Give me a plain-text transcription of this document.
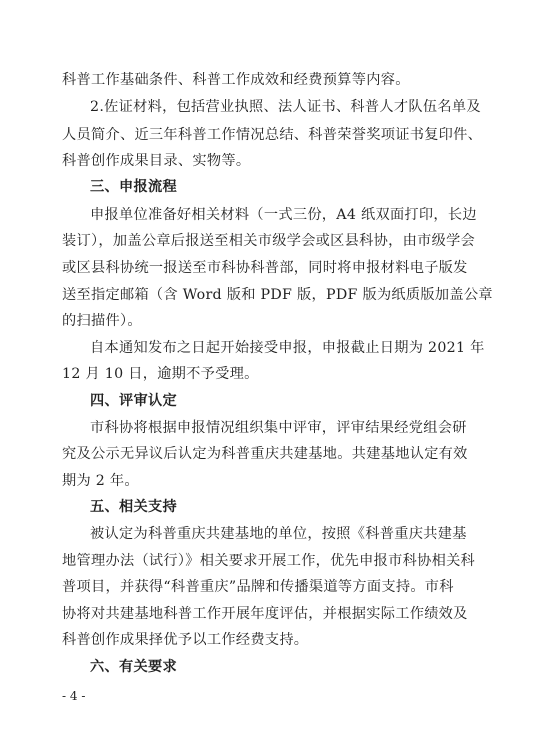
科普工作基础条件、科普工作成效和经费预算等内容。
2.佐证材料，包括营业执照、法人证书、科普人才队伍名单及
人员简介、近三年科普工作情况总结、科普荣誉奖项证书复印件、
科普创作成果目录、实物等。
三、申报流程
申报单位准备好相关材料（一式三份，A4 纸双面打印，长边
装订），加盖公章后报送至相关市级学会或区县科协，由市级学会
或区县科协统一报送至市科协科普部，同时将申报材料电子版发
送至指定邮箱（含 Word 版和 PDF 版，PDF 版为纸质版加盖公章
的扫描件）。
自本通知发布之日起开始接受申报，申报截止日期为 2021 年
12 月 10 日，逾期不予受理。
四、评审认定
市科协将根据申报情况组织集中评审，评审结果经党组会研
究及公示无异议后认定为科普重庆共建基地。共建基地认定有效
期为 2 年。
五、相关支持
被认定为科普重庆共建基地的单位，按照《科普重庆共建基
地管理办法（试行）》相关要求开展工作，优先申报市科协相关科
普项目，并获得“科普重庆”品牌和传播渠道等方面支持。市科
协将对共建基地科普工作开展年度评估，并根据实际工作绩效及
科普创作成果择优予以工作经费支持。
六、有关要求
- 4 -
